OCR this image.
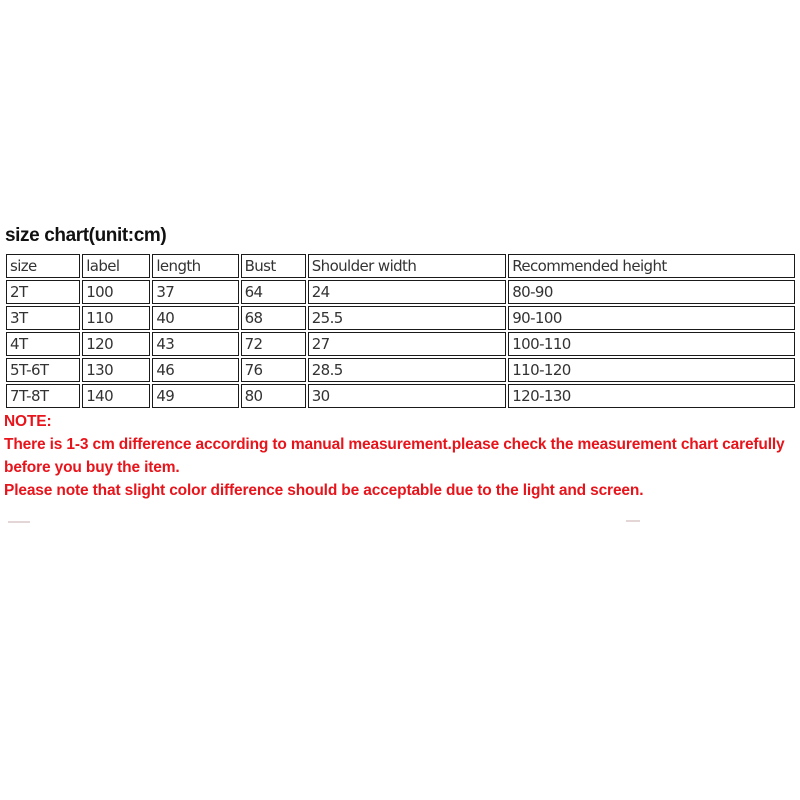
size chart(unit:cm)
size	label	length	Bust	Shoulder width	Recommended height
2T	100	37	64	24	80-90
3T	110	40	68	25.5	90-100
4T	120	43	72	27	100-110
5T-6T	130	46	76	28.5	110-120
7T-8T	140	49	80	30	120-130
NOTE:
There is 1-3 cm difference according to manual measurement.please check the measurement chart carefully before you buy the item.
Please note that slight color difference should be acceptable due to the light and screen.
